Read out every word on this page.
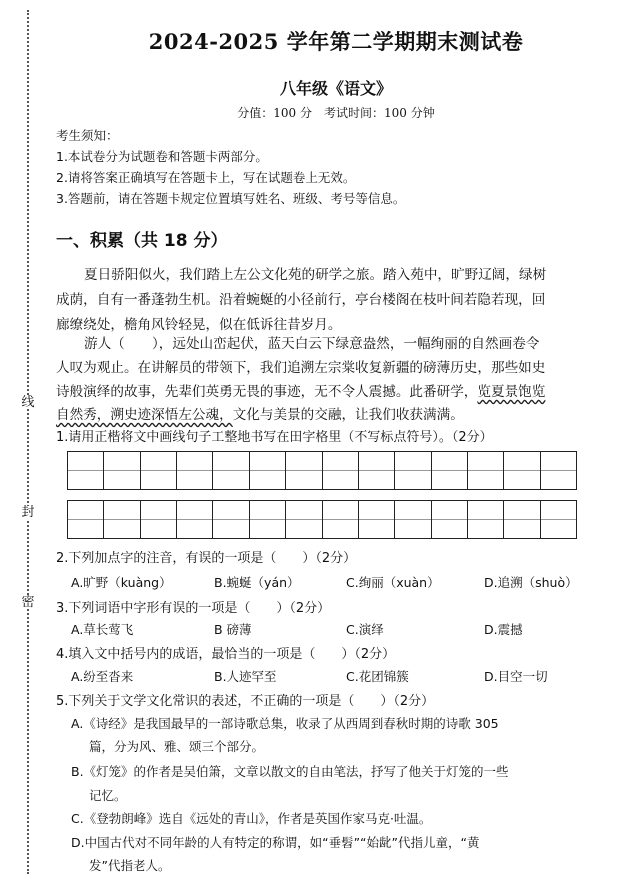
线
封
密
2024-2025 学年第二学期期末测试卷
八年级《语文》
分值：100 分　考试时间：100 分钟
考生须知：
1.本试卷分为试题卷和答题卡两部分。
2.请将答案正确填写在答题卡上，写在试题卷上无效。
3.答题前，请在答题卡规定位置填写姓名、班级、考号等信息。
一、积累（共 18 分）
夏日骄阳似火，我们踏上左公文化苑的研学之旅。踏入苑中，旷野辽阔，绿树
成荫，自有一番蓬勃生机。沿着蜿蜒的小径前行，亭台楼阁在枝叶间若隐若现，回
廊缭绕处，檐角风铃轻晃，似在低诉往昔岁月。
游人（　　），远处山峦起伏，蓝天白云下绿意盎然，一幅绚丽的自然画卷令
人叹为观止。在讲解员的带领下，我们追溯左宗棠收复新疆的磅薄历史，那些如史
诗般演绎的故事，先辈们英勇无畏的事迹，无不令人震撼。此番研学，览夏景饱览
自然秀，溯史迹深悟左公魂，文化与美景的交融，让我们收获满满。
1.请用正楷将文中画线句子工整地书写在田字格里（不写标点符号）。（2分）
2.下列加点字的注音，有误的一项是（　　）（2分）
A.旷野（kuàng）	B.蜿蜒（yán）	C.绚丽（xuàn）	D.追溯（shuò）
3.下列词语中字形有误的一项是（　　）（2分）
A.草长莺飞	B 磅薄	C.演绎	D.震撼
4.填入文中括号内的成语，最恰当的一项是（　　）（2分）
A.纷至沓来	B.人迹罕至	C.花团锦簇	D.目空一切
5.下列关于文学文化常识的表述，不正确的一项是（　　）（2分）
A.《诗经》是我国最早的一部诗歌总集，收录了从西周到春秋时期的诗歌 305
篇，分为风、雅、颂三个部分。
B.《灯笼》的作者是吴伯箫，文章以散文的自由笔法，抒写了他关于灯笼的一些
记忆。
C.《登勃朗峰》选自《远处的青山》，作者是英国作家马克·吐温。
D.中国古代对不同年龄的人有特定的称谓，如“垂髫”“始龀”代指儿童，“黄
发”代指老人。
